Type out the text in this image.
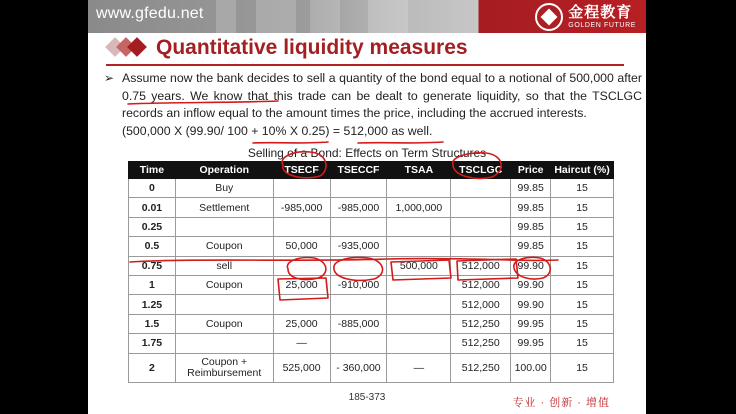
www.gfedu.net	金程教育
GOLDEN FUTURE
Quantitative liquidity measures
➢ Assume now the bank decides to sell a quantity of the bond equal to a notional of 500,000 after 0.75 years. We know that this trade can be dealt to generate liquidity, so that the TSCLGC records an inflow equal to the amount times the price, including the accrued interests.
(500,000 X (99.90/ 100 + 10% X 0.25) = 512,000 as well.
Selling of a Bond: Effects on Term Structures
Time	Operation	TSECF	TSECCF	TSAA	TSCLGC	Price	Haircut (%)
0	Buy					99.85	15
0.01	Settlement	-985,000	-985,000	1,000,000		99.85	15
0.25						99.85	15
0.5	Coupon	50,000	-935,000			99.85	15
0.75	sell			500,000	512,000	99.90	15
1	Coupon	25,000	-910,000		512,000	99.90	15
1.25					512,000	99.90	15
1.5	Coupon	25,000	-885,000		512,250	99.95	15
1.75		—			512,250	99.95	15
2	Coupon + Reimbursement	525,000	- 360,000	—	512,250	100.00	15
185-373	专业 · 创新 · 增值
